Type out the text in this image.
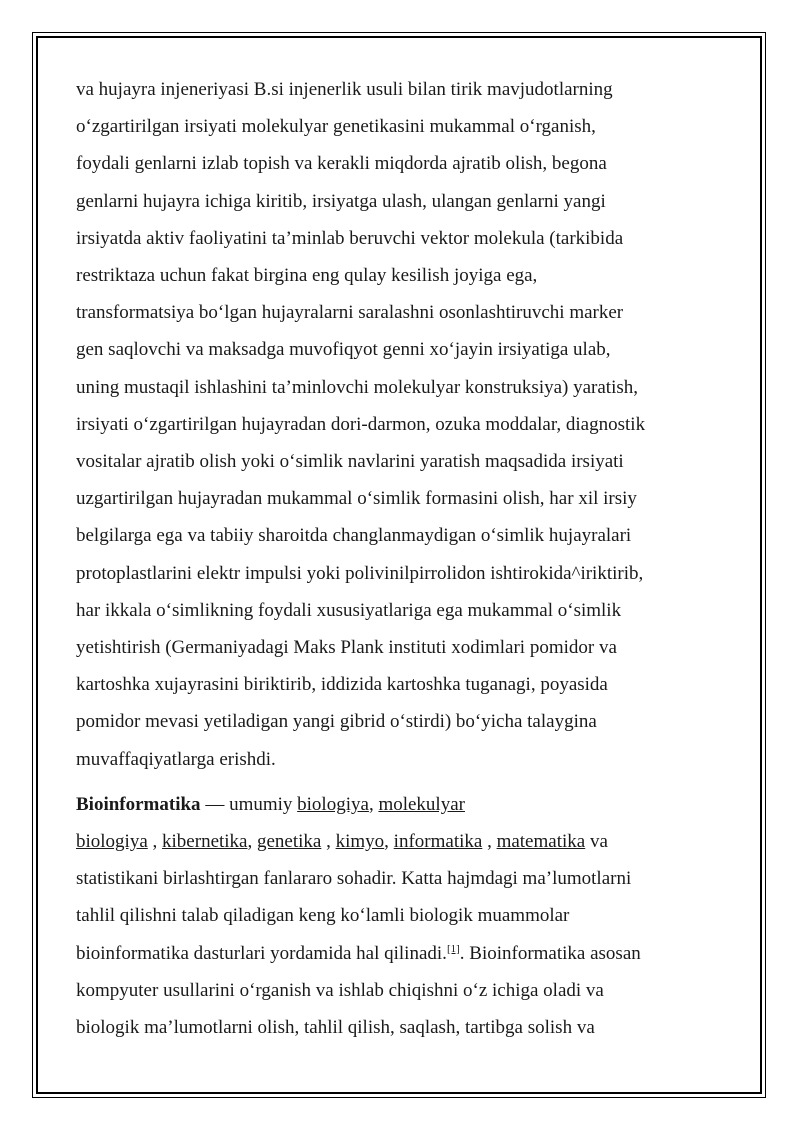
va hujayra injeneriyasi B.si injenerlik usuli bilan tirik mavjudotlarning

o‘zgartirilgan irsiyati molekulyar genetikasini mukammal o‘rganish,

foydali genlarni izlab topish va kerakli miqdorda ajratib olish, begona

genlarni hujayra ichiga kiritib, irsiyatga ulash, ulangan genlarni yangi

irsiyatda aktiv faoliyatini ta’minlab beruvchi vektor molekula (tarkibida

restriktaza uchun fakat birgina eng qulay kesilish joyiga ega,

transformatsiya bo‘lgan hujayralarni saralashni osonlashtiruvchi marker

gen saqlovchi va maksadga muvofiqyot genni xo‘jayin irsiyatiga ulab,

uning mustaqil ishlashini ta’minlovchi molekulyar konstruksiya) yaratish,

irsiyati o‘zgartirilgan hujayradan dori-darmon, ozuka moddalar, diagnostik

vositalar ajratib olish yoki o‘simlik navlarini yaratish maqsadida irsiyati

uzgartirilgan hujayradan mukammal o‘simlik formasini olish, har xil irsiy

belgilarga ega va tabiiy sharoitda changlanmaydigan o‘simlik hujayralari

protoplastlarini elektr impulsi yoki polivinilpirrolidon ishtirokida^iriktirib,

har ikkala o‘simlikning foydali xususiyatlariga ega mukammal o‘simlik

yetishtirish (Germaniyadagi Maks Plank instituti xodimlari pomidor va

kartoshka xujayrasini biriktirib, iddizida kartoshka tuganagi, poyasida

pomidor mevasi yetiladigan yangi gibrid o‘stirdi) bo‘yicha talaygina

muvaffaqiyatlarga erishdi.

Bioinformatika — umumiy biologiya, molekulyar

biologiya , kibernetika, genetika , kimyo, informatika , matematika va

statistikani birlashtirgan fanlararo sohadir. Katta hajmdagi ma’lumotlarni

tahlil qilishni talab qiladigan keng ko‘lamli biologik muammolar

bioinformatika dasturlari yordamida hal qilinadi.[1]. Bioinformatika asosan

kompyuter usullarini o‘rganish va ishlab chiqishni o‘z ichiga oladi va

biologik ma’lumotlarni olish, tahlil qilish, saqlash, tartibga solish va
